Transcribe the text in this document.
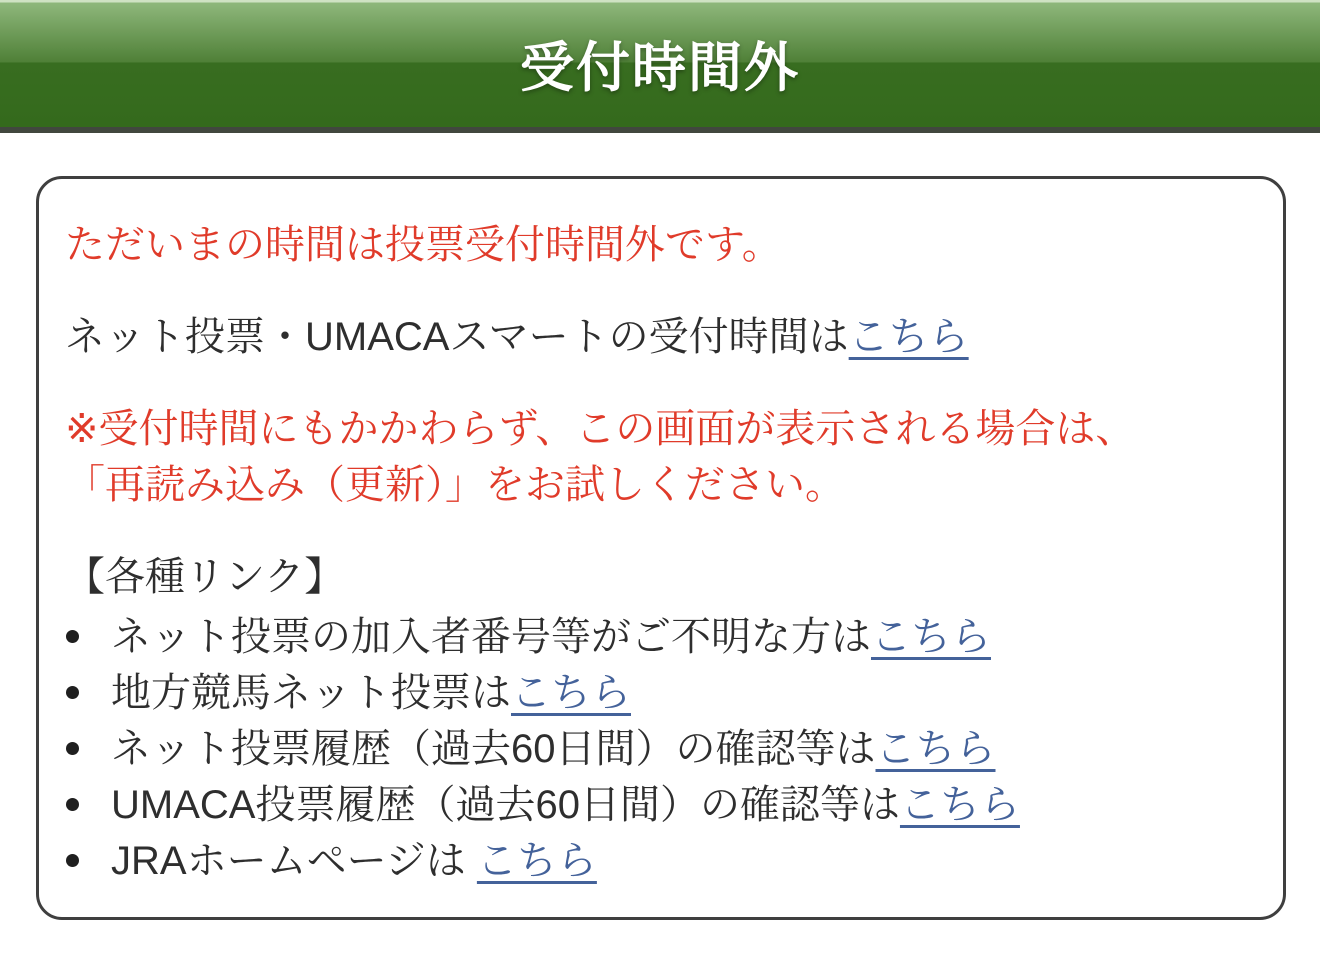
受付時間外

ただいまの時間は投票受付時間外です。

ネット投票・UMACAスマートの受付時間はこちら

※受付時間にもかかわらず、この画面が表示される場合は、
「再読み込み（更新）」をお試しください。

【各種リンク】

ネット投票の加入者番号等がご不明な方はこちら
地方競馬ネット投票はこちら
ネット投票履歴（過去60日間）の確認等はこちら
UMACA投票履歴（過去60日間）の確認等はこちら
JRAホームページは こちら
